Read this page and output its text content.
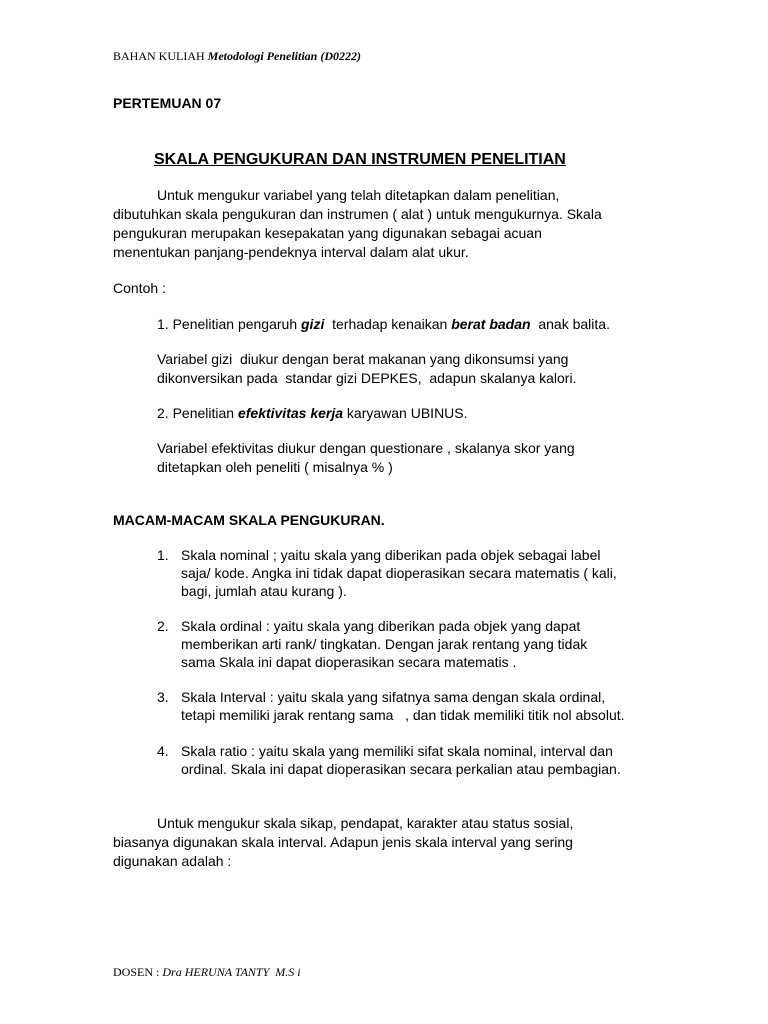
BAHAN KULIAH Metodologi Penelitian (D0222)
PERTEMUAN 07
SKALA PENGUKURAN DAN INSTRUMEN PENELITIAN
Untuk mengukur variabel yang telah ditetapkan dalam penelitian,
dibutuhkan skala pengukuran dan instrumen ( alat ) untuk mengukurnya. Skala
pengukuran merupakan kesepakatan yang digunakan sebagai acuan
menentukan panjang-pendeknya interval dalam alat ukur.
Contoh :
1. Penelitian pengaruh gizi  terhadap kenaikan berat badan  anak balita.
Variabel gizi  diukur dengan berat makanan yang dikonsumsi yang
dikonversikan pada  standar gizi DEPKES,  adapun skalanya kalori.
2. Penelitian efektivitas kerja karyawan UBINUS.
Variabel efektivitas diukur dengan questionare , skalanya skor yang
ditetapkan oleh peneliti ( misalnya % )
MACAM-MACAM SKALA PENGUKURAN.
1. Skala nominal ; yaitu skala yang diberikan pada objek sebagai label
saja/ kode. Angka ini tidak dapat dioperasikan secara matematis ( kali,
bagi, jumlah atau kurang ).
2. Skala ordinal : yaitu skala yang diberikan pada objek yang dapat
memberikan arti rank/ tingkatan. Dengan jarak rentang yang tidak
sama Skala ini dapat dioperasikan secara matematis .
3. Skala Interval : yaitu skala yang sifatnya sama dengan skala ordinal,
tetapi memiliki jarak rentang sama   , dan tidak memiliki titik nol absolut.
4. Skala ratio : yaitu skala yang memiliki sifat skala nominal, interval dan
ordinal. Skala ini dapat dioperasikan secara perkalian atau pembagian.
Untuk mengukur skala sikap, pendapat, karakter atau status sosial,
biasanya digunakan skala interval. Adapun jenis skala interval yang sering
digunakan adalah :
DOSEN : Dra HERUNA TANTY  M.S i
